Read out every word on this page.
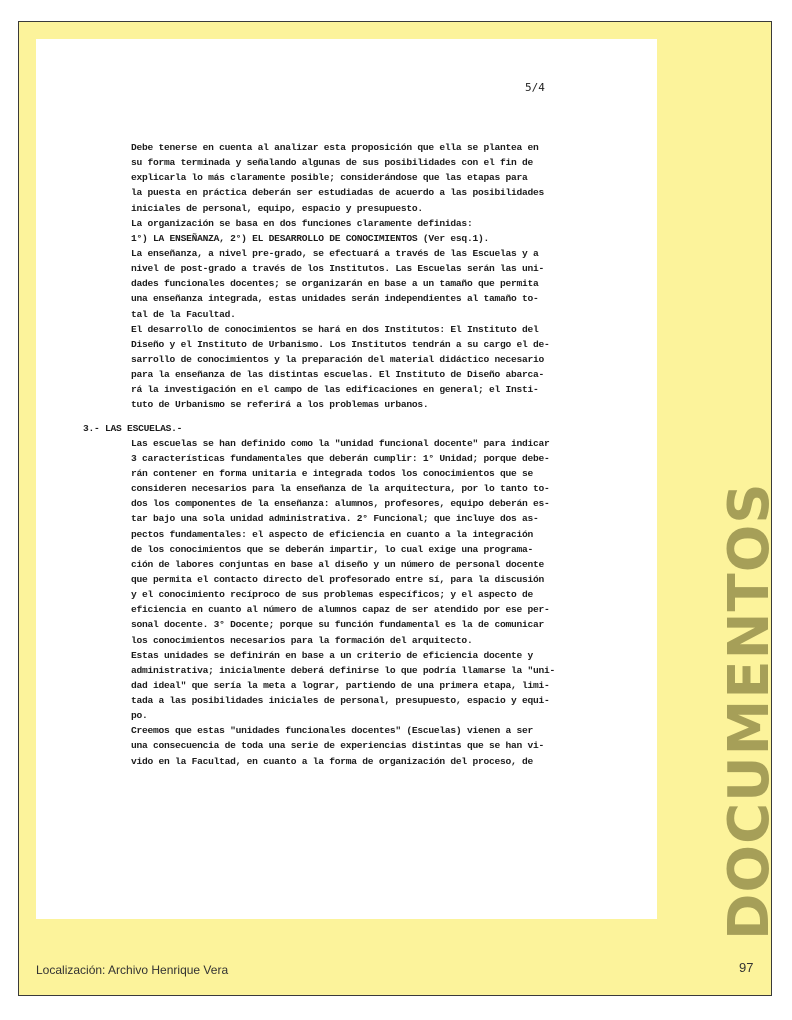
5/4
Debe tenerse en cuenta al analizar esta proposición que ella se plantea en
su forma terminada y señalando algunas de sus posibilidades con el fin de
explicarla lo más claramente posible; considerándose que las etapas para
la puesta en práctica deberán ser estudiadas de acuerdo a las posibilidades
iniciales de personal, equipo, espacio y presupuesto.
La organización se basa en dos funciones claramente definidas:
1°) LA ENSEÑANZA, 2°) EL DESARROLLO DE CONOCIMIENTOS (Ver esq.1).
La enseñanza, a nivel pre-grado, se efectuará a través de las Escuelas y a
nivel de post-grado a través de los Institutos. Las Escuelas serán las uni-
dades funcionales docentes; se organizarán en base a un tamaño que permita
una enseñanza integrada, estas unidades serán independientes al tamaño to-
tal de la Facultad.
El desarrollo de conocimientos se hará en dos Institutos: El Instituto del
Diseño y el Instituto de Urbanismo. Los Institutos tendrán a su cargo el de-
sarrollo de conocimientos y la preparación del material didáctico necesario
para la enseñanza de las distintas escuelas. El Instituto de Diseño abarca-
rá la investigación en el campo de las edificaciones en general; el Insti-
tuto de Urbanismo se referirá a los problemas urbanos.
3.- LAS ESCUELAS.-
Las escuelas se han definido como la "unidad funcional docente" para indicar
3 características fundamentales que deberán cumplir: 1° Unidad; porque debe-
rán contener en forma unitaria e integrada todos los conocimientos que se
consideren necesarios para la enseñanza de la arquitectura, por lo tanto to-
dos los componentes de la enseñanza: alumnos, profesores, equipo deberán es-
tar bajo una sola unidad administrativa. 2° Funcional; que incluye dos as-
pectos fundamentales: el aspecto de eficiencia en cuanto a la integración
de los conocimientos que se deberán impartir, lo cual exige una programa-
ción de labores conjuntas en base al diseño y un número de personal docente
que permita el contacto directo del profesorado entre sí, para la discusión
y el conocimiento recíproco de sus problemas específicos; y el aspecto de
eficiencia en cuanto al número de alumnos capaz de ser atendido por ese per-
sonal docente. 3° Docente; porque su función fundamental es la de comunicar
los conocimientos necesarios para la formación del arquitecto.
Estas unidades se definirán en base a un criterio de eficiencia docente y
administrativa; inicialmente deberá definirse lo que podría llamarse la "uni-
dad ideal" que sería la meta a lograr, partiendo de una primera etapa, limi-
tada a las posibilidades iniciales de personal, presupuesto, espacio y equi-
po.
Creemos que estas "unidades funcionales docentes" (Escuelas) vienen a ser
una consecuencia de toda una serie de experiencias distintas que se han vi-
vido en la Facultad, en cuanto a la forma de organización del proceso, de	DOCUMENTOS
Localización: Archivo Henrique Vera	97
